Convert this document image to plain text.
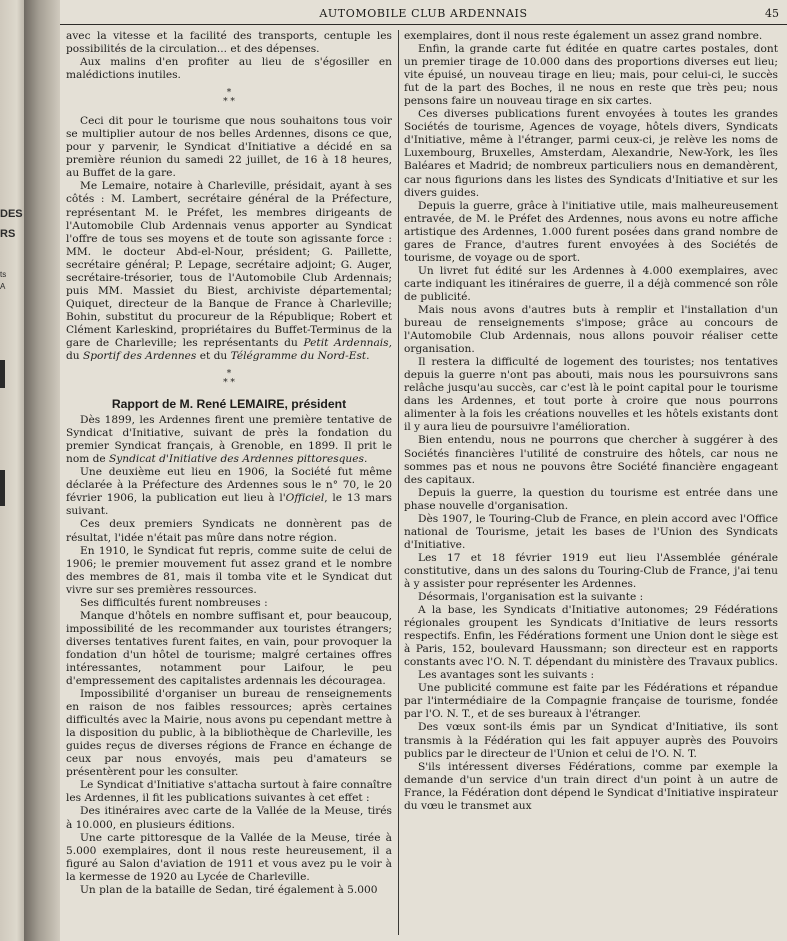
DES
RS
ts
A
AUTOMOBILE CLUB ARDENNAIS	45

avec la vitesse et la facilité des transports, centuple les possibilités de la circulation... et des dépenses.

Aux malins d'en profiter au lieu de s'égosiller en malédictions inutiles.

*
* *

Ceci dit pour le tourisme que nous souhaitons tous voir se multiplier autour de nos belles Ardennes, disons ce que, pour y parvenir, le Syndicat d'Initiative a décidé en sa première réunion du samedi 22 juillet, de 16 à 18 heures, au Buffet de la gare.

Me Lemaire, notaire à Charleville, présidait, ayant à ses côtés : M. Lambert, secrétaire général de la Préfecture, représentant M. le Préfet, les membres dirigeants de l'Automobile Club Ardennais venus apporter au Syndicat l'offre de tous ses moyens et de toute son agissante force : MM. le docteur Abd-el-Nour, président; G. Paillette, secrétaire général; P. Lepage, secrétaire adjoint; G. Auger, secrétaire-trésorier, tous de l'Automobile Club Ardennais; puis MM. Massiet du Biest, archiviste départemental; Quiquet, directeur de la Banque de France à Charleville; Bohin, substitut du procureur de la République; Robert et Clément Karleskind, propriétaires du Buffet-Terminus de la gare de Charleville; les représentants du Petit Ardennais, du Sportif des Ardennes et du Télégramme du Nord-Est.

*
* *
Rapport de M. René LEMAIRE, président

Dès 1899, les Ardennes firent une première tentative de Syndicat d'Initiative, suivant de près la fondation du premier Syndicat français, à Grenoble, en 1899. Il prit le nom de Syndicat d'Initiative des Ardennes pittoresques.

Une deuxième eut lieu en 1906, la Société fut même déclarée à la Préfecture des Ardennes sous le n° 70, le 20 février 1906, la publication eut lieu à l'Officiel, le 13 mars suivant.

Ces deux premiers Syndicats ne donnèrent pas de résultat, l'idée n'était pas mûre dans notre région.

En 1910, le Syndicat fut repris, comme suite de celui de 1906; le premier mouvement fut assez grand et le nombre des membres de 81, mais il tomba vite et le Syndicat dut vivre sur ses premières ressources.

Ses difficultés furent nombreuses :

Manque d'hôtels en nombre suffisant et, pour beaucoup, impossibilité de les recommander aux touristes étrangers; diverses tentatives furent faites, en vain, pour provoquer la fondation d'un hôtel de tourisme; malgré certaines offres intéressantes, notamment pour Laifour, le peu d'empressement des capitalistes ardennais les découragea.

Impossibilité d'organiser un bureau de renseignements en raison de nos faibles ressources; après certaines difficultés avec la Mairie, nous avons pu cependant mettre à la disposition du public, à la bibliothèque de Charleville, les guides reçus de diverses régions de France en échange de ceux par nous envoyés, mais peu d'amateurs se présentèrent pour les consulter.

Le Syndicat d'Initiative s'attacha surtout à faire connaître les Ardennes, il fit les publications suivantes à cet effet :

Des itinéraires avec carte de la Vallée de la Meuse, tirés à 10.000, en plusieurs éditions.

Une carte pittoresque de la Vallée de la Meuse, tirée à 5.000 exemplaires, dont il nous reste heureusement, il a figuré au Salon d'aviation de 1911 et vous avez pu le voir à la kermesse de 1920 au Lycée de Charleville.

Un plan de la bataille de Sedan, tiré également à 5.000

exemplaires, dont il nous reste également un assez grand nombre.

Enfin, la grande carte fut éditée en quatre cartes postales, dont un premier tirage de 10.000 dans des proportions diverses eut lieu; vite épuisé, un nouveau tirage en lieu; mais, pour celui-ci, le succès fut de la part des Boches, il ne nous en reste que très peu; nous pensons faire un nouveau tirage en six cartes.

Ces diverses publications furent envoyées à toutes les grandes Sociétés de tourisme, Agences de voyage, hôtels divers, Syndicats d'Initiative, même à l'étranger, parmi ceux-ci, je relève les noms de Luxembourg, Bruxelles, Amsterdam, Alexandrie, New-York, les îles Baléares et Madrid; de nombreux particuliers nous en demandèrent, car nous figurions dans les listes des Syndicats d'Initiative et sur les divers guides.

Depuis la guerre, grâce à l'initiative utile, mais malheureusement entravée, de M. le Préfet des Ardennes, nous avons eu notre affiche artistique des Ardennes, 1.000 furent posées dans grand nombre de gares de France, d'autres furent envoyées à des Sociétés de tourisme, de voyage ou de sport.

Un livret fut édité sur les Ardennes à 4.000 exemplaires, avec carte indiquant les itinéraires de guerre, il a déjà commencé son rôle de publicité.

Mais nous avons d'autres buts à remplir et l'installation d'un bureau de renseignements s'impose; grâce au concours de l'Automobile Club Ardennais, nous allons pouvoir réaliser cette organisation.

Il restera la difficulté de logement des touristes; nos tentatives depuis la guerre n'ont pas abouti, mais nous les poursuivrons sans relâche jusqu'au succès, car c'est là le point capital pour le tourisme dans les Ardennes, et tout porte à croire que nous pourrons alimenter à la fois les créations nouvelles et les hôtels existants dont il y aura lieu de poursuivre l'amélioration.

Bien entendu, nous ne pourrons que chercher à suggérer à des Sociétés financières l'utilité de construire des hôtels, car nous ne sommes pas et nous ne pouvons être Société financière engageant des capitaux.

Depuis la guerre, la question du tourisme est entrée dans une phase nouvelle d'organisation.

Dès 1907, le Touring-Club de France, en plein accord avec l'Office national de Tourisme, jetait les bases de l'Union des Syndicats d'Initiative.

Les 17 et 18 février 1919 eut lieu l'Assemblée générale constitutive, dans un des salons du Touring-Club de France, j'ai tenu à y assister pour représenter les Ardennes.

Désormais, l'organisation est la suivante :

A la base, les Syndicats d'Initiative autonomes; 29 Fédérations régionales groupent les Syndicats d'Initiative de leurs ressorts respectifs. Enfin, les Fédérations forment une Union dont le siège est à Paris, 152, boulevard Haussmann; son directeur est en rapports constants avec l'O. N. T. dépendant du ministère des Travaux publics.

Les avantages sont les suivants :

Une publicité commune est faite par les Fédérations et répandue par l'intermédiaire de la Compagnie française de tourisme, fondée par l'O. N. T., et de ses bureaux à l'étranger.

Des vœux sont-ils émis par un Syndicat d'Initiative, ils sont transmis à la Fédération qui les fait appuyer auprès des Pouvoirs publics par le directeur de l'Union et celui de l'O. N. T.

S'ils intéressent diverses Fédérations, comme par exemple la demande d'un service d'un train direct d'un point à un autre de France, la Fédération dont dépend le Syndicat d'Initiative inspirateur du vœu le transmet aux
